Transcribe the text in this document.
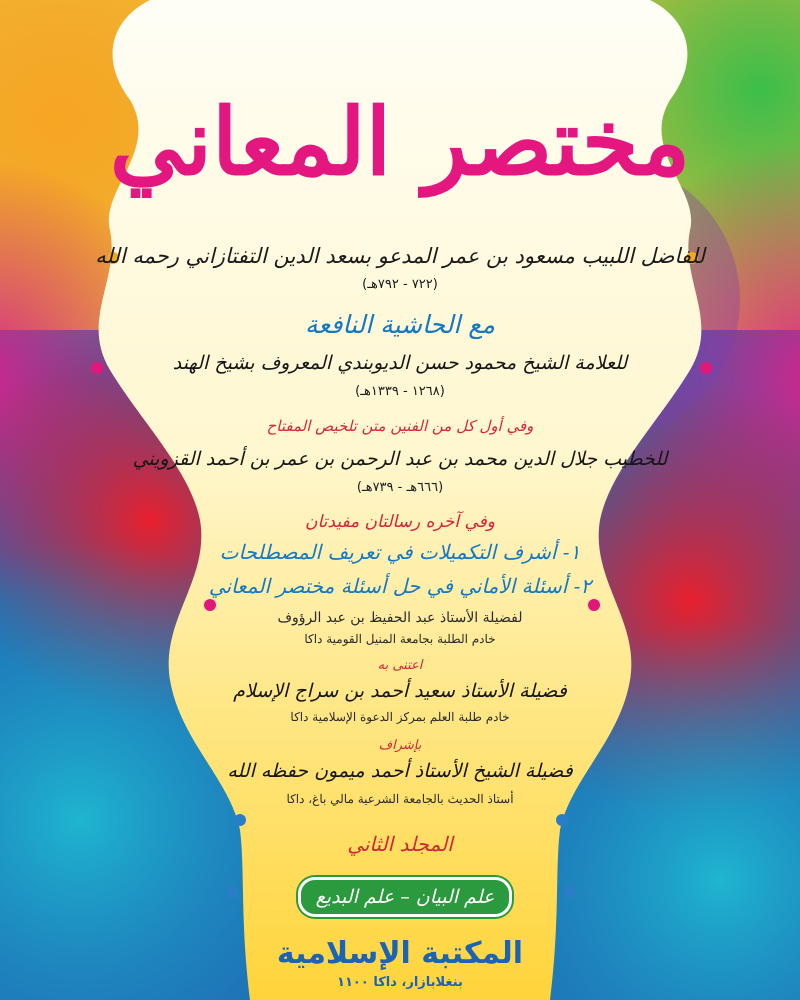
مختصر المعاني
للفاضل اللبيب مسعود بن عمر المدعو بسعد الدين التفتازاني رحمه الله
(٧٢٢ - ٧٩٢هـ)
مع الحاشية النافعة
للعلامة الشيخ محمود حسن الديوبندي المعروف بشيخ الهند
(١٢٦٨ - ١٣٣٩هـ)
وفي أول كل من الفنين متن تلخيص المفتاح
للخطيب جلال الدين محمد بن عبد الرحمن بن عمر بن أحمد القزويني
(٦٦٦هـ - ٧٣٩هـ)
وفي آخره رسالتان مفيدتان
١- أشرف التكميلات في تعريف المصطلحات
٢- أسئلة الأماني في حل أسئلة مختصر المعاني
لفضيلة الأستاذ عبد الحفيظ بن عبد الرؤوف
خادم الطلبة بجامعة المنيل القومية داكا
اعتنى به
فضيلة الأستاذ سعيد أحمد بن سراج الإسلام
خادم طلبة العلم بمركز الدعوة الإسلامية داكا
بإشراف
فضيلة الشيخ الأستاذ أحمد ميمون حفظه الله
أستاذ الحديث بالجامعة الشرعية مالي باغ، داكا
المجلد الثاني
علم البيان – علم البديع
المكتبة الإسلامية
بنغلابازار، داكا ١١٠٠
